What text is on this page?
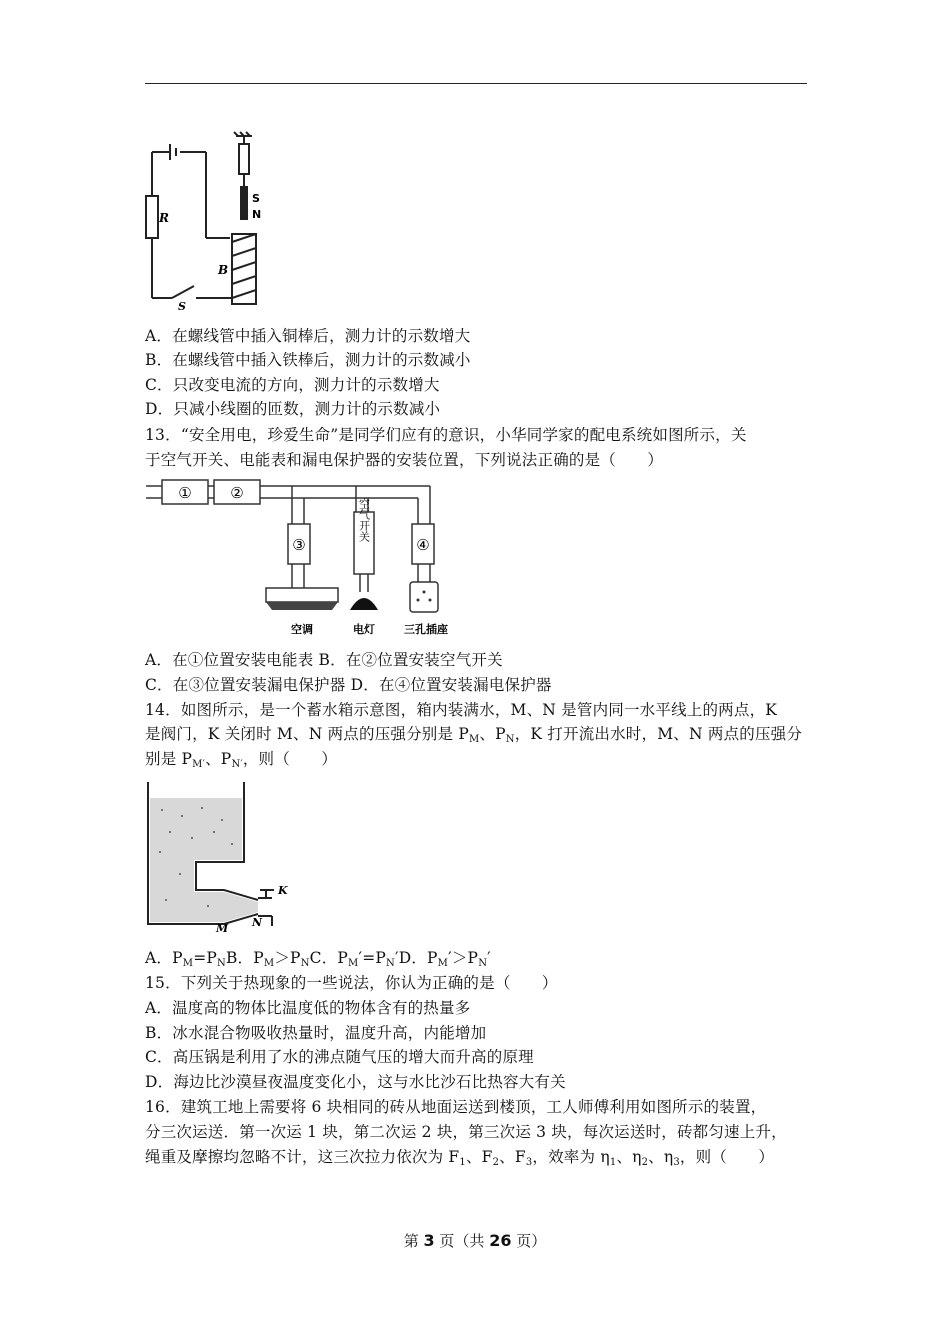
S
N
R
B
S
A．在螺线管中插入铜棒后，测力计的示数增大
B．在螺线管中插入铁棒后，测力计的示数减小
C．只改变电流的方向，测力计的示数增大
D．只减小线圈的匝数，测力计的示数减小
13．“安全用电，珍爱生命”是同学们应有的意识，小华同学家的配电系统如图所示，关
于空气开关、电能表和漏电保护器的安装位置，下列说法正确的是（　　）
①	②
③	④
空气开关
空调	电灯	三孔插座
A．在①位置安装电能表 B．在②位置安装空气开关
C．在③位置安装漏电保护器 D．在④位置安装漏电保护器
14．如图所示，是一个蓄水箱示意图，箱内装满水，M、N 是管内同一水平线上的两点，K
是阀门，K 关闭时 M、N 两点的压强分别是 $P_M$、$P_N$，K 打开流出水时，M、N 两点的压强分
别是 $P_{M'}$、$P_{N'}$，则（　　）
K
M N
A．$P_M=P_NB$．$P_M>P_NC$．$P_M'=P_N'D$．$P_M'>P_N'$
15．下列关于热现象的一些说法，你认为正确的是（　　）
A．温度高的物体比温度低的物体含有的热量多
B．冰水混合物吸收热量时，温度升高，内能增加
C．高压锅是利用了水的沸点随气压的增大而升高的原理
D．海边比沙漠昼夜温度变化小，这与水比沙石比热容大有关
16．建筑工地上需要将 6 块相同的砖从地面运送到楼顶，工人师傅利用如图所示的装置，
分三次运送．第一次运 1 块，第二次运 2 块，第三次运 3 块，每次运送时，砖都匀速上升，
绳重及摩擦均忽略不计，这三次拉力依次为 $F_1$、$F_2$、$F_3$，效率为 $\eta_1$、$\eta_2$、$\eta_3$，则（　　）
第 3 页（共 26 页）
